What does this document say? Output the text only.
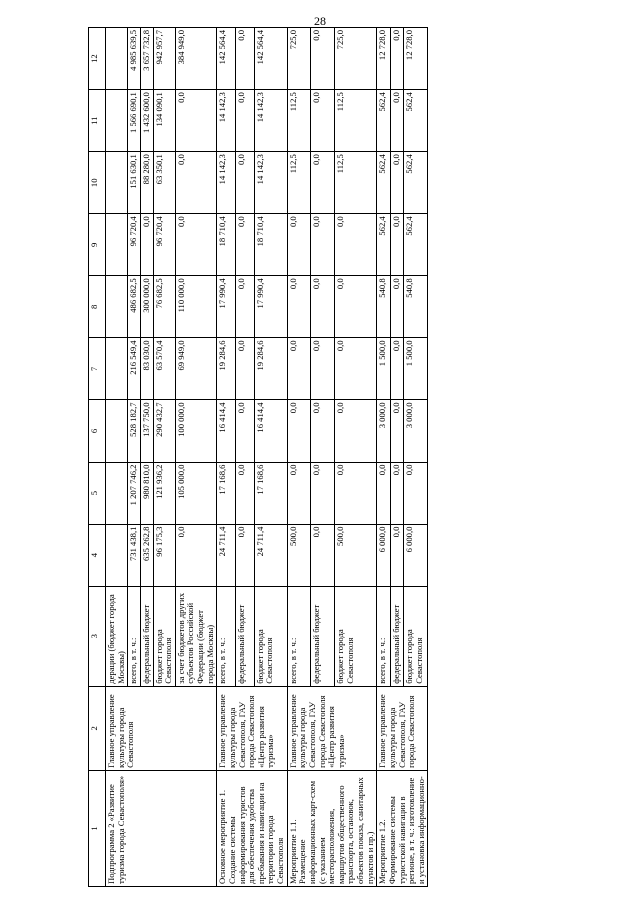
28
1	2	3	4	5	6	7	8	9	10	11	12
Подпрограмма 2 «Развитие туризма города Севастополя»	Главное управление культуры города Севастополя	деpации (бюджет города Москвы)									
		всего, в т. ч.:	731 438,1	1 207 746,2	528 182,7	216 549,4	486 682,5	96 720,4	151 630,1	1 566 690,1	4 985 639,5
		федеральный бюджет	635 262,8	980 810,0	137 750,0	83 030,0	300 000,0	0,0	88 280,0	1 432 600,0	3 657 732,8
		бюджет города Севастополя	96 175,3	121 936,2	290 432,7	63 570,4	76 682,5	96 720,4	63 350,1	134 090,1	942 957,7
		за счет бюджетов других субъектов Российской Федерации (бюджет города Москвы)	0,0	105 000,0	100 000,0	69 949,0	110 000,0	0,0	0,0	0,0	384 949,0
Основное мероприятие 1. Создание системы информирования туристов для обеспечения удобства пребывания и навигации на территории города Севастополя	Главное управление культуры города Севастополя, ГАУ города Севастополя «Центр развития туризма»	всего, в т. ч.:	24 711,4	17 168,6	16 414,4	19 284,6	17 990,4	18 710,4	14 142,3	14 142,3	142 564,4
		федеральный бюджет	0,0	0,0	0,0	0,0	0,0	0,0	0,0	0,0	0,0
		бюджет города Севастополя	24 711,4	17 168,6	16 414,4	19 284,6	17 990,4	18 710,4	14 142,3	14 142,3	142 564,4
Мероприятие 1.1. Размещение информационных карт-схем (с указанием месторасположения, маршрутов общественного транспорта, остановок, объектов показа, санитарных пунктов и пр.)	Главное управление культуры города Севастополя, ГАУ города Севастополя «Центр развития туризма»	всего, в т. ч.:	500,0	0,0	0,0	0,0	0,0	0,0	112,5	112,5	725,0
		федеральный бюджет	0,0	0,0	0,0	0,0	0,0	0,0	0,0	0,0	0,0
		бюджет города Севастополя	500,0	0,0	0,0	0,0	0,0	0,0	112,5	112,5	725,0
Мероприятие 1.2. Формирование системы туристской навигации в регионе, в т. ч.: изготовление и установка информационно-	Главное управление культуры города Севастополя, ГАУ города Севастополя	всего, в т. ч.:	6 000,0	0,0	3 000,0	1 500,0	540,8	562,4	562,4	562,4	12 728,0
		федеральный бюджет	0,0	0,0	0,0	0,0	0,0	0,0	0,0	0,0	0,0
		бюджет города Севастополя	6 000,0	0,0	3 000,0	1 500,0	540,8	562,4	562,4	562,4	12 728,0
